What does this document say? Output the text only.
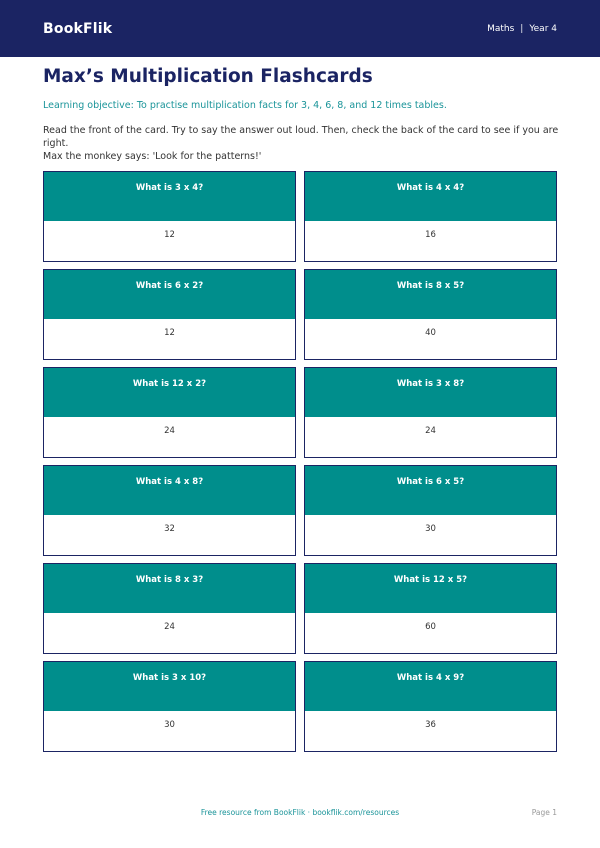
BookFlik	Maths | Year 4
Max’s Multiplication Flashcards

Learning objective: To practise multiplication facts for 3, 4, 6, 8, and 12 times tables.

Read the front of the card. Try to say the answer out loud. Then, check the back of the card to see if you are right.
Max the monkey says: 'Look for the patterns!'
What is 3 x 4?
12
What is 4 x 4?
16
What is 6 x 2?
12
What is 8 x 5?
40
What is 12 x 2?
24
What is 3 x 8?
24
What is 4 x 8?
32
What is 6 x 5?
30
What is 8 x 3?
24
What is 12 x 5?
60
What is 3 x 10?
30
What is 4 x 9?
36
Free resource from BookFlik · bookflik.com/resources	Page 1
